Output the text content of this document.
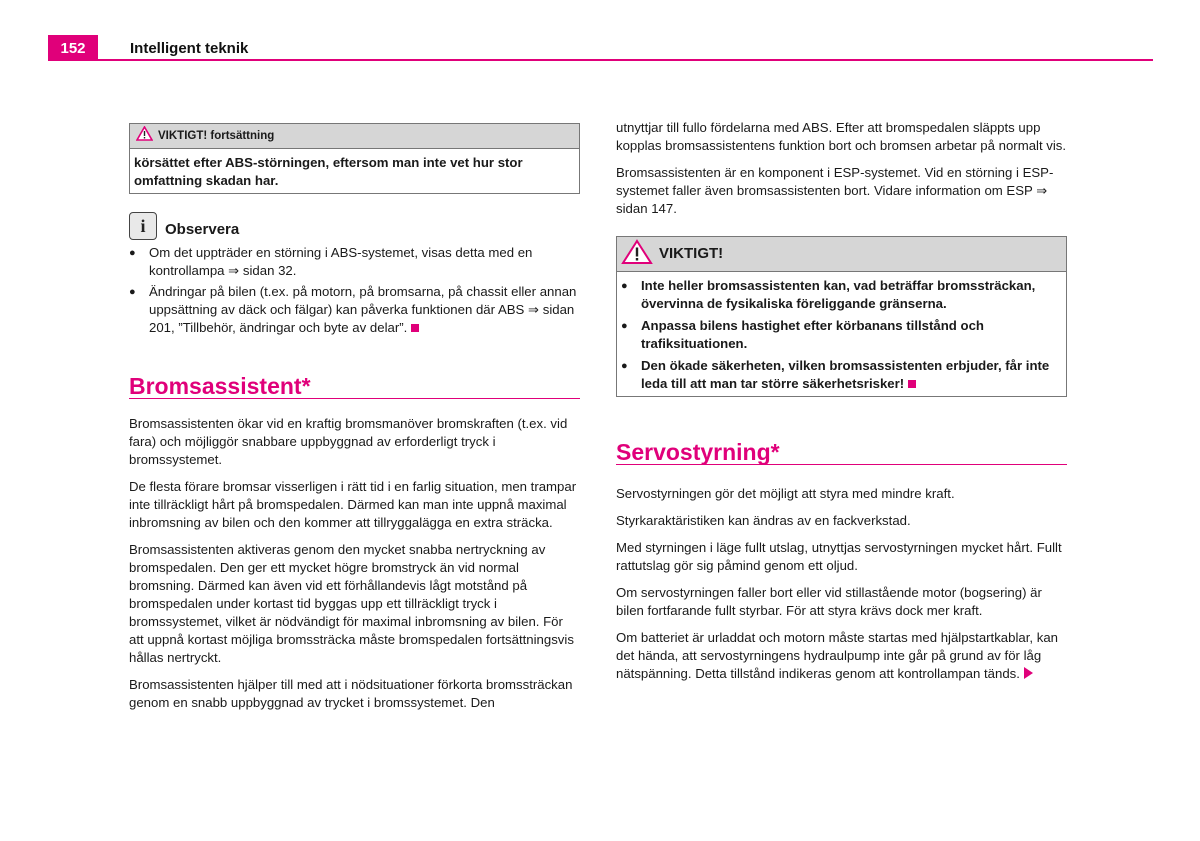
152	Intelligent teknik
VIKTIGT! fortsättning
körsättet efter ABS-störningen, eftersom man inte vet hur stor omfattning skadan har.
i	Observera
●	Om det uppträder en störning i ABS-systemet, visas detta med en kontrollampa ⇒ sidan 32.
●	Ändringar på bilen (t.ex. på motorn, på bromsarna, på chassit eller annan uppsättning av däck och fälgar) kan påverka funktionen där ABS ⇒ sidan 201, ”Tillbehör, ändringar och byte av delar”.
Bromsassistent*

Bromsassistenten ökar vid en kraftig bromsmanöver bromskraften (t.ex. vid fara) och möjliggör snabbare uppbyggnad av erforderligt tryck i bromssystemet.

De flesta förare bromsar visserligen i rätt tid i en farlig situation, men trampar inte tillräckligt hårt på bromspedalen. Därmed kan man inte uppnå maximal inbromsning av bilen och den kommer att tillryggalägga en extra sträcka.

Bromsassistenten aktiveras genom den mycket snabba nertryckning av bromspedalen. Den ger ett mycket högre bromstryck än vid normal bromsning. Därmed kan även vid ett förhållandevis lågt motstånd på bromspedalen under kortast tid byggas upp ett tillräckligt tryck i bromssystemet, vilket är nödvändigt för maximal inbromsning av bilen. För att uppnå kortast möjliga bromssträcka måste bromspedalen fortsättningsvis hållas nertryckt.

Bromsassistenten hjälper till med att i nödsituationer förkorta bromssträckan genom en snabb uppbyggnad av trycket i bromssystemet. Den

utnyttjar till fullo fördelarna med ABS. Efter att bromspedalen släppts upp kopplas bromsassistentens funktion bort och bromsen arbetar på normalt vis.

Bromsassistenten är en komponent i ESP-systemet. Vid en störning i ESP-systemet faller även bromsassistenten bort. Vidare information om ESP ⇒ sidan 147.

VIKTIGT!
●	Inte heller bromsassistenten kan, vad beträffar bromssträckan, övervinna de fysikaliska föreliggande gränserna.
●	Anpassa bilens hastighet efter körbanans tillstånd och trafiksituationen.
●	Den ökade säkerheten, vilken bromsassistenten erbjuder, får inte leda till att man tar större säkerhetsrisker!
Servostyrning*

Servostyrningen gör det möjligt att styra med mindre kraft.

Styrkaraktäristiken kan ändras av en fackverkstad.

Med styrningen i läge fullt utslag, utnyttjas servostyrningen mycket hårt. Fullt rattutslag gör sig påmind genom ett oljud.

Om servostyrningen faller bort eller vid stillastående motor (bogsering) är bilen fortfarande fullt styrbar. För att styra krävs dock mer kraft.

Om batteriet är urladdat och motorn måste startas med hjälpstartkablar, kan det hända, att servostyrningens hydraulpump inte går på grund av för låg nätspänning. Detta tillstånd indikeras genom att kontrollampan tänds.
